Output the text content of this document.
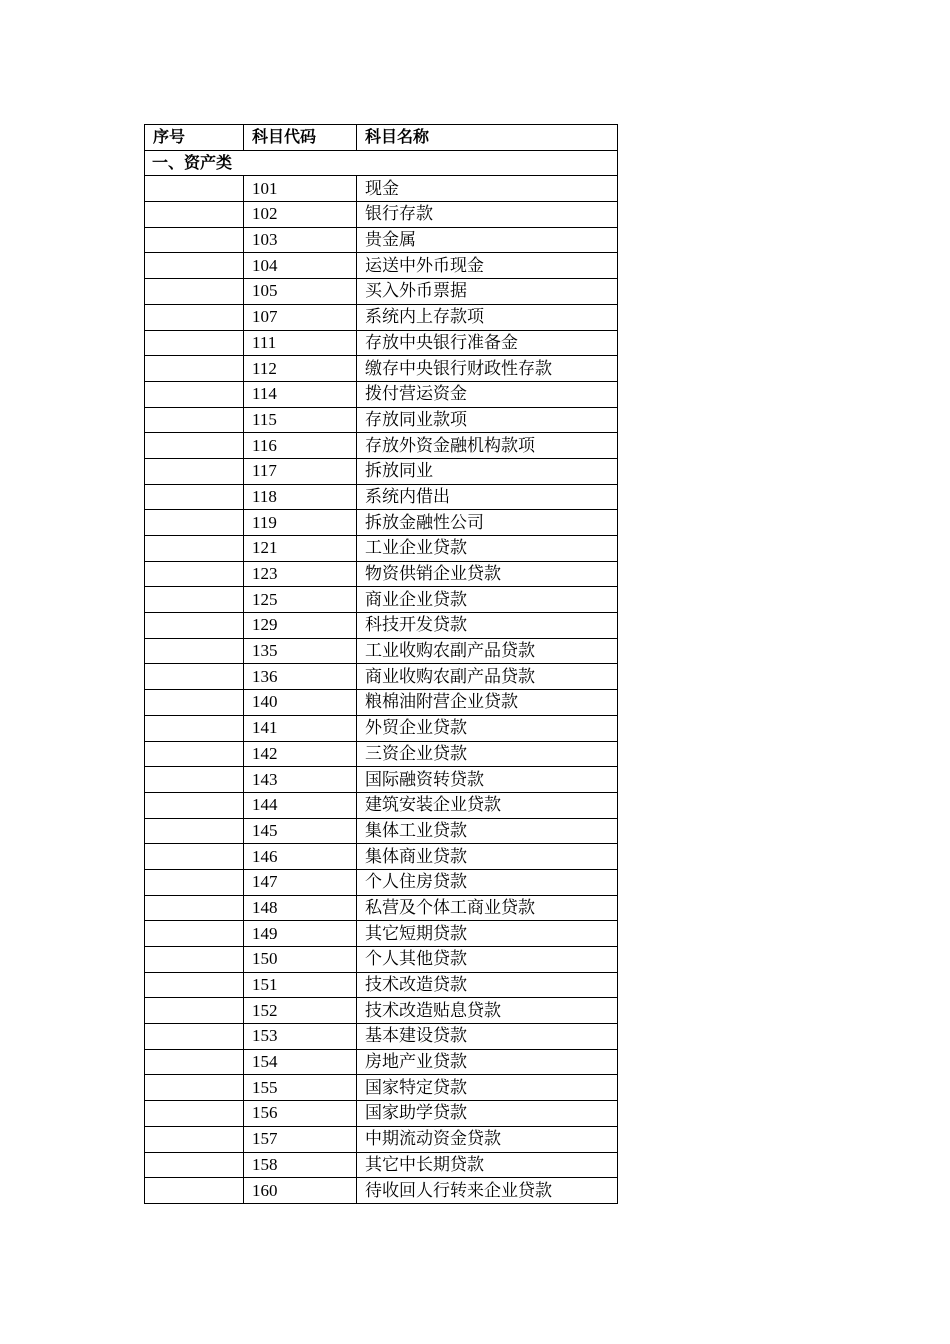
序号	科目代码	科目名称
一、资产类		
	101	现金
	102	银行存款
	103	贵金属
	104	运送中外币现金
	105	买入外币票据
	107	系统内上存款项
	111	存放中央银行准备金
	112	缴存中央银行财政性存款
	114	拨付营运资金
	115	存放同业款项
	116	存放外资金融机构款项
	117	拆放同业
	118	系统内借出
	119	拆放金融性公司
	121	工业企业贷款
	123	物资供销企业贷款
	125	商业企业贷款
	129	科技开发贷款
	135	工业收购农副产品贷款
	136	商业收购农副产品贷款
	140	粮棉油附营企业贷款
	141	外贸企业贷款
	142	三资企业贷款
	143	国际融资转贷款
	144	建筑安装企业贷款
	145	集体工业贷款
	146	集体商业贷款
	147	个人住房贷款
	148	私营及个体工商业贷款
	149	其它短期贷款
	150	个人其他贷款
	151	技术改造贷款
	152	技术改造贴息贷款
	153	基本建设贷款
	154	房地产业贷款
	155	国家特定贷款
	156	国家助学贷款
	157	中期流动资金贷款
	158	其它中长期贷款
	160	待收回人行转来企业贷款
